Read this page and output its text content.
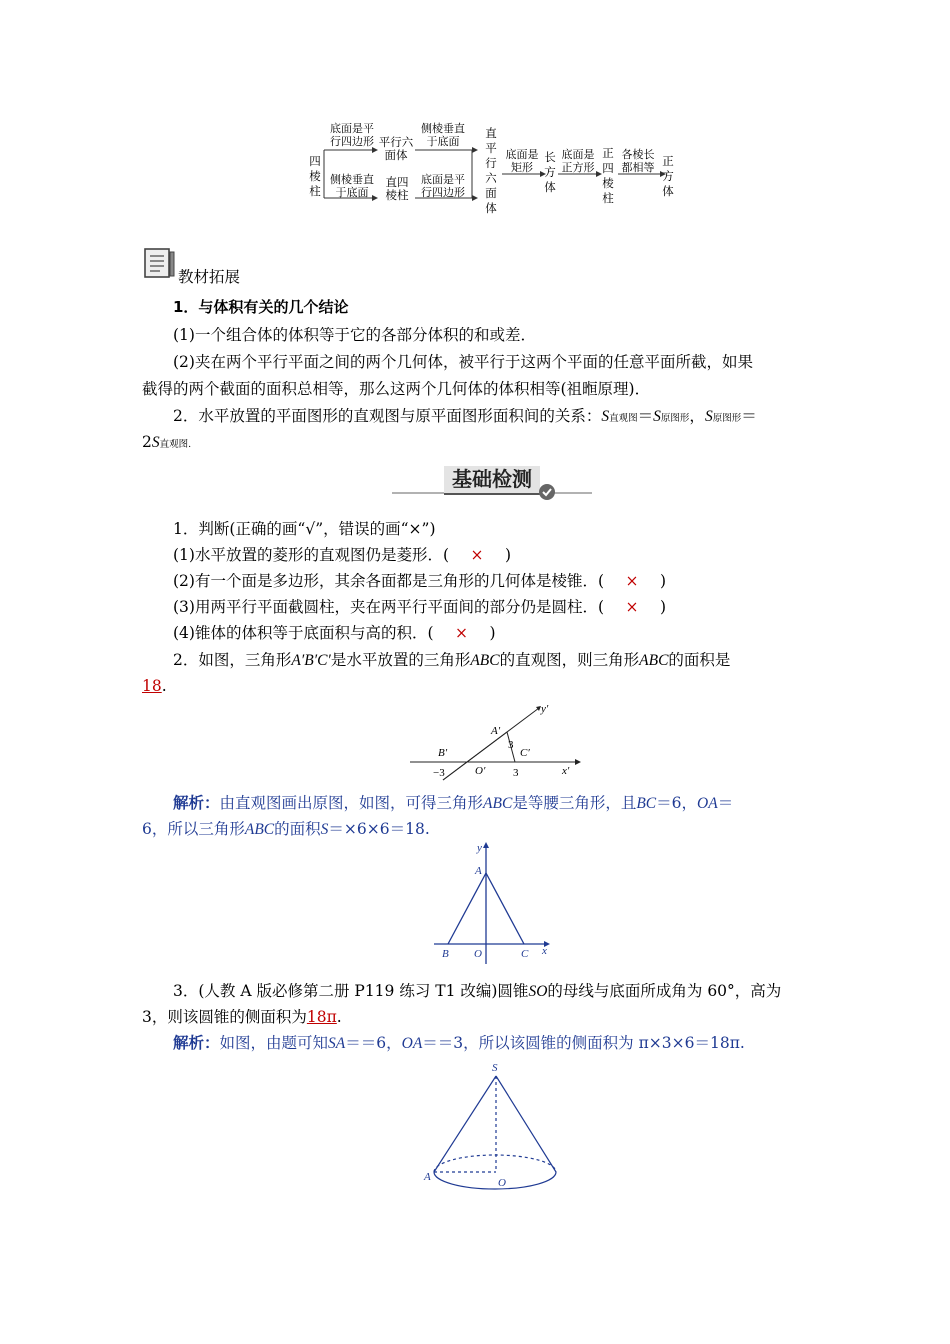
四棱柱
底面是平行四边形 平行六面体
侧棱垂直于底面
侧棱垂直于底面
直四棱柱
底面是平行四边形
直平行六面体
底面是矩形
长方体
底面是正方形
正四棱柱
各棱长都相等 正方体
教材拓展
1．与体积有关的几个结论
(1)一个组合体的体积等于它的各部分体积的和或差．
(2)夹在两个平行平面之间的两个几何体，被平行于这两个平面的任意平面所截，如果
截得的两个截面的面积总相等，那么这两个几何体的体积相等(祖暅原理)．
2．水平放置的平面图形的直观图与原平面图形面积间的关系：S直观图＝S原图形，S原图形＝
2S直观图.
基础检测
1．判断(正确的画“√”，错误的画“×”)
(1)水平放置的菱形的直观图仍是菱形．( × )
(2)有一个面是多边形，其余各面都是三角形的几何体是棱锥．( × )
(3)用两平行平面截圆柱，夹在两平行平面间的部分仍是圆柱．( × )
(4)锥体的体积等于底面积与高的积．( × )
2．如图，三角形A′B′C′是水平放置的三角形ABC的直观图，则三角形ABC的面积是
18.
y′
A′
3
B′	C′
−3	O′	3	x′
解析：由直观图画出原图，如图，可得三角形ABC是等腰三角形，且BC＝6，OA＝
6，所以三角形ABC的面积S＝×6×6＝18.
y
A
B O	C x
3．(人教 A 版必修第二册 P119 练习 T1 改编)圆锥SO的母线与底面所成角为 60°，高为
3，则该圆锥的侧面积为18π.
解析：如图，由题可知SA＝＝6，OA＝＝3，所以该圆锥的侧面积为 π×3×6＝18π.
S
A	O
